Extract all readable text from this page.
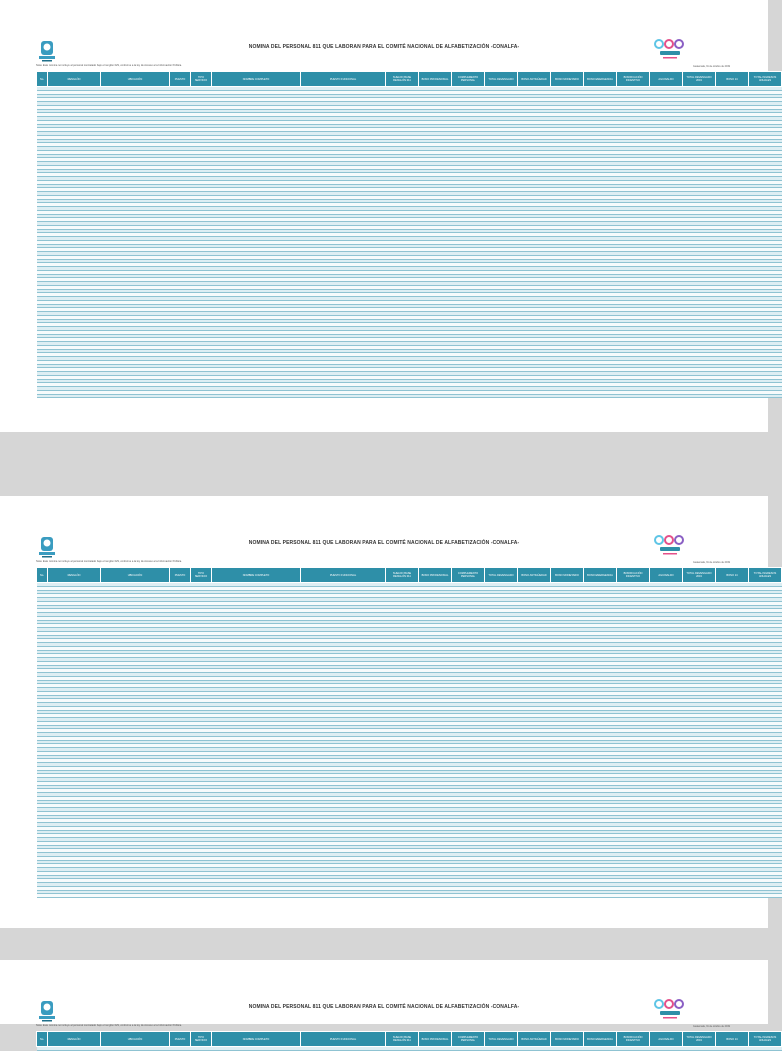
NOMINA DEL PERSONAL 811 QUE LABORAN PARA EL COMITÉ NACIONAL DE ALFABETIZACIÓN -CONALFA-
Nota: Este nómina no incluye al personal contratado bajo el renglón 029, conforme a la ley de Acceso a la Información Pública.	Guatemala, 31 de octubre de 2019
No.	RENGLÓN	UBICACIÓN	PUESTO	TIPO SERVICIO	NOMBRE COMPLETO	PUESTO FUNCIONAL	SUELDO BASE RENGLÓN 011	BONO PROFESIONAL	COMPLEMENTO PERSONAL	TOTAL DEVENGADO	BONO ANTIGÜEDAD	BONO MONETARIO	BONO EMERGENCIA	BONIFICACIÓN INCENTIVO	AGUINALDO	TOTAL DEVENGADO 2019	BONO 14	TOTAL INGRESOS ANUALES

NOMINA DEL PERSONAL 811 QUE LABORAN PARA EL COMITÉ NACIONAL DE ALFABETIZACIÓN -CONALFA-
Nota: Este nómina no incluye al personal contratado bajo el renglón 029, conforme a la ley de Acceso a la Información Pública.	Guatemala, 31 de octubre de 2019
No.	RENGLÓN	UBICACIÓN	PUESTO	TIPO SERVICIO	NOMBRE COMPLETO	PUESTO FUNCIONAL	SUELDO BASE RENGLÓN 011	BONO PROFESIONAL	COMPLEMENTO PERSONAL	TOTAL DEVENGADO	BONO ANTIGÜEDAD	BONO MONETARIO	BONO EMERGENCIA	BONIFICACIÓN INCENTIVO	AGUINALDO	TOTAL DEVENGADO 2019	BONO 14	TOTAL INGRESOS ANUALES

NOMINA DEL PERSONAL 811 QUE LABORAN PARA EL COMITÉ NACIONAL DE ALFABETIZACIÓN -CONALFA-
Nota: Este nómina no incluye al personal contratado bajo el renglón 029, conforme a la ley de Acceso a la Información Pública.	Guatemala, 31 de octubre de 2019
No.	RENGLÓN	UBICACIÓN	PUESTO	TIPO SERVICIO	NOMBRE COMPLETO	PUESTO FUNCIONAL	SUELDO BASE RENGLÓN 011	BONO PROFESIONAL	COMPLEMENTO PERSONAL	TOTAL DEVENGADO	BONO ANTIGÜEDAD	BONO MONETARIO	BONO EMERGENCIA	BONIFICACIÓN INCENTIVO	AGUINALDO	TOTAL DEVENGADO 2019	BONO 14	TOTAL INGRESOS ANUALES
